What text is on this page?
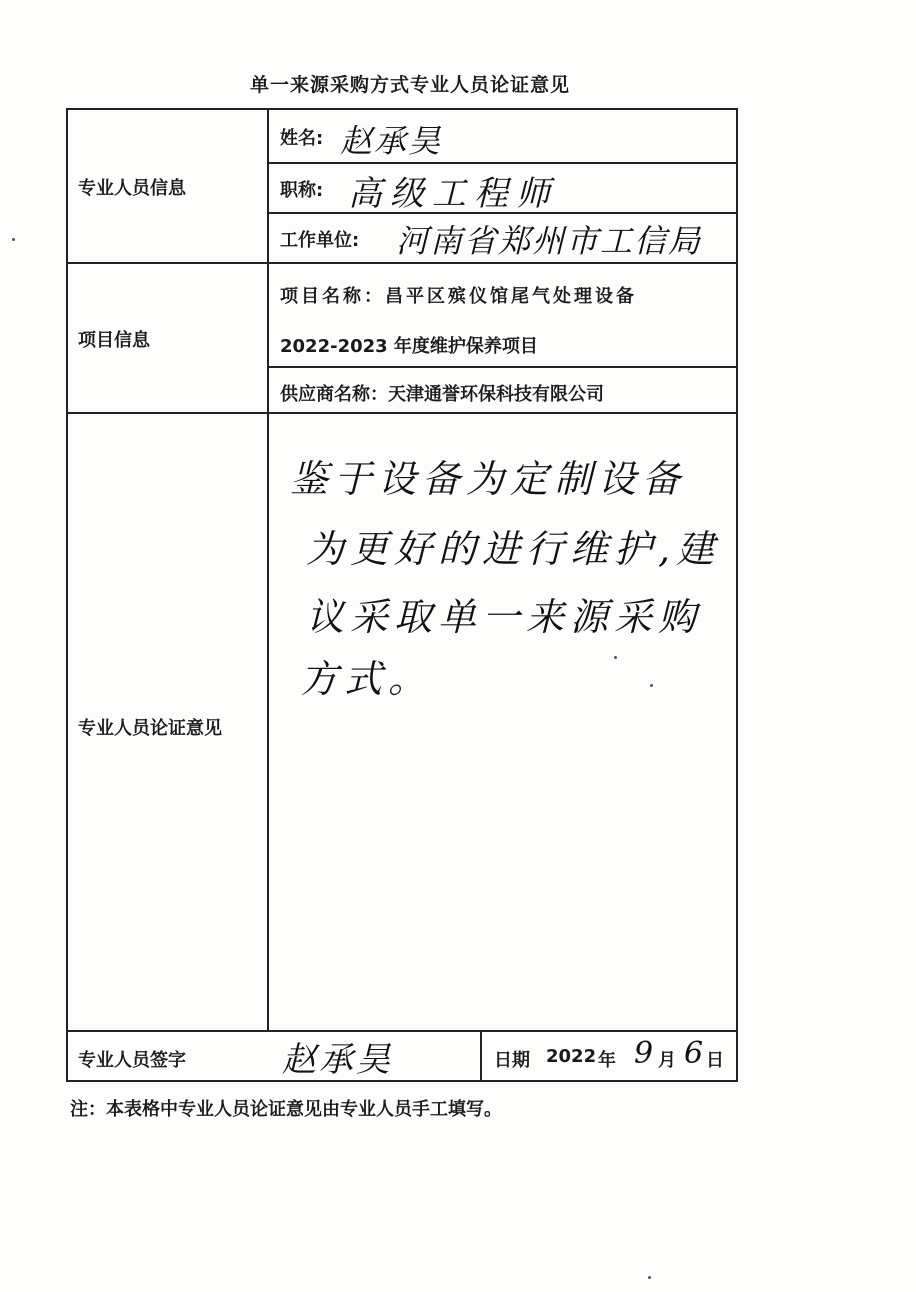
单一来源采购方式专业人员论证意见
专业人员信息
姓名: 赵承昊
职称: 高级工程师
工作单位: 河南省郑州市工信局
项目信息
项目名称：昌平区殡仪馆尾气处理设备
2022-2023 年度维护保养项目
供应商名称：天津通誉环保科技有限公司
专业人员论证意见
鉴于设备为定制设备
为更好的进行维护,建
议采取单一来源采购
方式。
专业人员签字	赵承昊	日期 2022 年 9 月 6 日
注：本表格中专业人员论证意见由专业人员手工填写。
